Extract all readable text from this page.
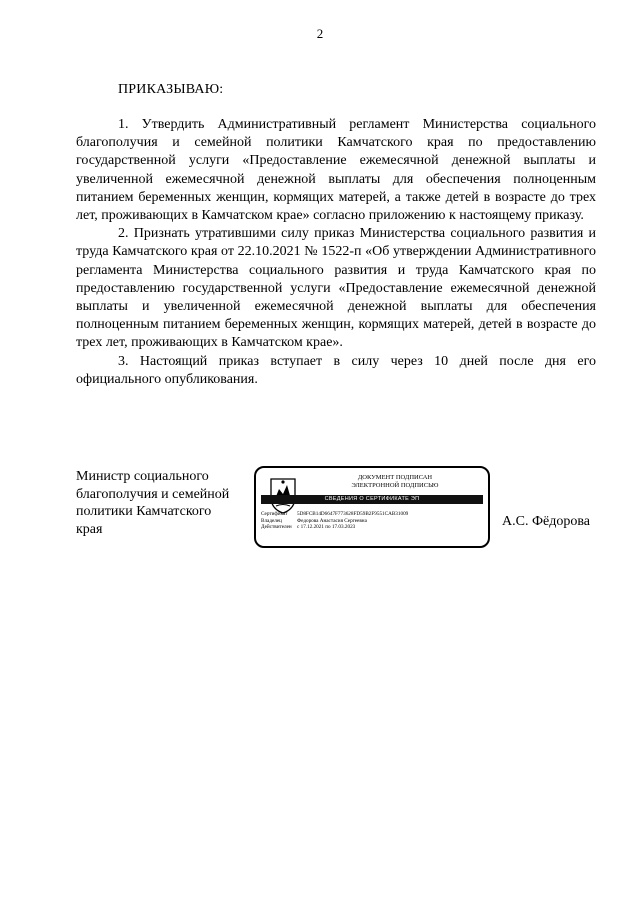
2
ПРИКАЗЫВАЮ:

1. Утвердить Административный регламент Министерства социального благополучия и семейной политики Камчатского края по предоставлению государственной услуги «Предоставление ежемесячной денежной выплаты и увеличенной ежемесячной денежной выплаты для обеспечения полноценным питанием беременных женщин, кормящих матерей, а также детей в возрасте до трех лет, проживающих в Камчатском крае» согласно приложению к настоящему приказу.

2. Признать утратившими силу приказ Министерства социального развития и труда Камчатского края от 22.10.2021 № 1522-п «Об утверждении Административного регламента Министерства социального развития и труда Камчатского края по предоставлению государственной услуги «Предоставление ежемесячной денежной выплаты и увеличенной ежемесячной денежной выплаты для обеспечения полноценным питанием беременных женщин, кормящих матерей, детей в возрасте до трех лет, проживающих в Камчатском крае».

3. Настоящий приказ вступает в силу через 10 дней после дня его официального опубликования.

Министр социального
благополучия и семейной
политики Камчатского
края
ДОКУМЕНТ ПОДПИСАН
ЭЛЕКТРОННОЙ ПОДПИСЬЮ
СВЕДЕНИЯ О СЕРТИФИКАТЕ ЭП
Сертификат	5D8FCB14D6647F773628FD59B2F9551CAB31009
Владелец	Федорова Анастасия Сергеевна
Действителен	с 17.12.2021 по 17.03.2023	А.С. Фёдорова
